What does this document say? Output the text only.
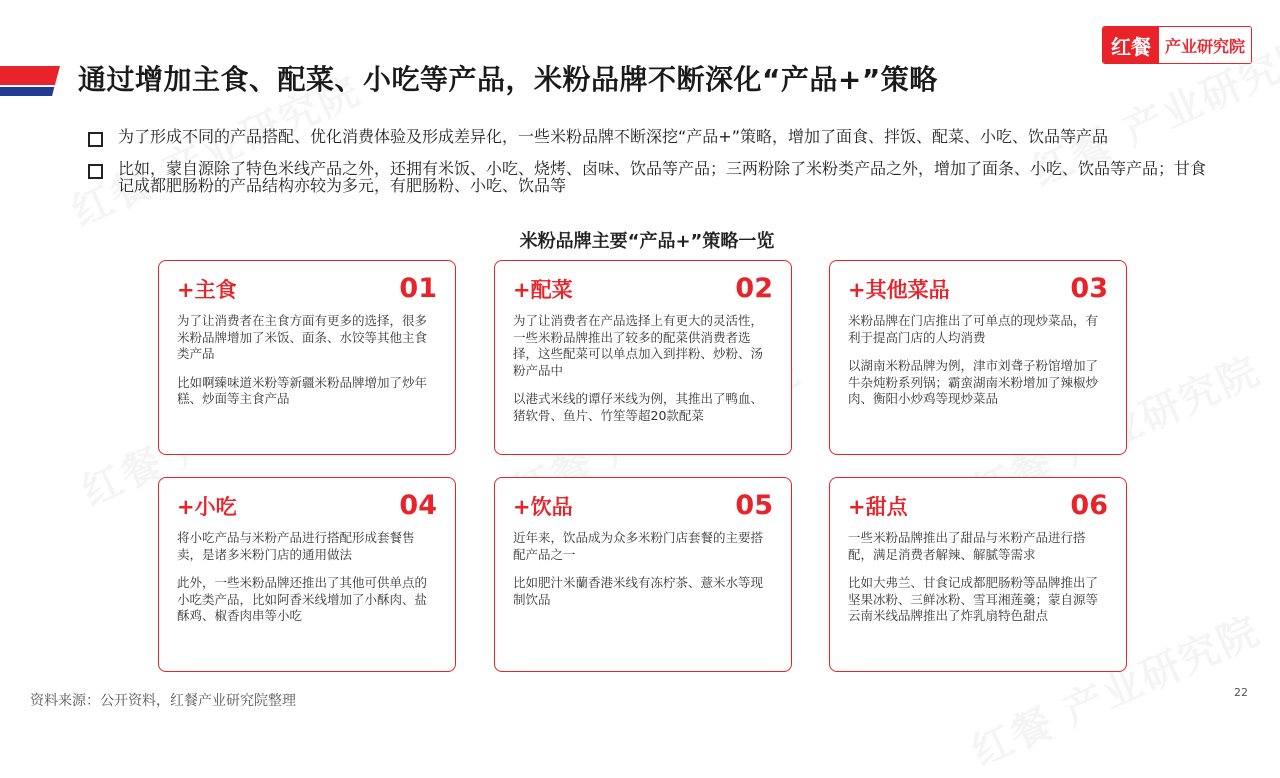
通过增加主食、配菜、小吃等产品，米粉品牌不断深化“产品+”策略
红餐 产业研究院
为了形成不同的产品搭配、优化消费体验及形成差异化，一些米粉品牌不断深挖“产品+”策略，增加了面食、拌饭、配菜、小吃、饮品等产品
比如，蒙自源除了特色米线产品之外，还拥有米饭、小吃、烧烤、卤味、饮品等产品；三两粉除了米粉类产品之外，增加了面条、小吃、饮品等产品；甘食记成都肥肠粉的产品结构亦较为多元，有肥肠粉、小吃、饮品等
米粉品牌主要“产品+”策略一览
+主食	01

为了让消费者在主食方面有更多的选择，很多米粉品牌增加了米饭、面条、水饺等其他主食类产品

比如啊臻味道米粉等新疆米粉品牌增加了炒年糕、炒面等主食产品

+配菜	02

为了让消费者在产品选择上有更大的灵活性，一些米粉品牌推出了较多的配菜供消费者选择，这些配菜可以单点加入到拌粉、炒粉、汤粉产品中

以港式米线的谭仔米线为例，其推出了鸭血、猪软骨、鱼片、竹笙等超20款配菜

+其他菜品	03

米粉品牌在门店推出了可单点的现炒菜品，有利于提高门店的人均消费

以湖南米粉品牌为例，津市刘聋子粉馆增加了牛杂炖粉系列锅；霸蛮湖南米粉增加了辣椒炒肉、衡阳小炒鸡等现炒菜品

+小吃	04

将小吃产品与米粉产品进行搭配形成套餐售卖，是诸多米粉门店的通用做法

此外，一些米粉品牌还推出了其他可供单点的小吃类产品，比如阿香米线增加了小酥肉、盐酥鸡、椒香肉串等小吃

+饮品	05

近年来，饮品成为众多米粉门店套餐的主要搭配产品之一

比如肥汁米蘭香港米线有冻柠茶、薏米水等现制饮品

+甜点	06

一些米粉品牌推出了甜品与米粉产品进行搭配，满足消费者解辣、解腻等需求

比如大弗兰、甘食记成都肥肠粉等品牌推出了坚果冰粉、三鲜冰粉、雪耳湘莲羹；蒙自源等云南米线品牌推出了炸乳扇特色甜点

资料来源：公开资料，红餐产业研究院整理
22
